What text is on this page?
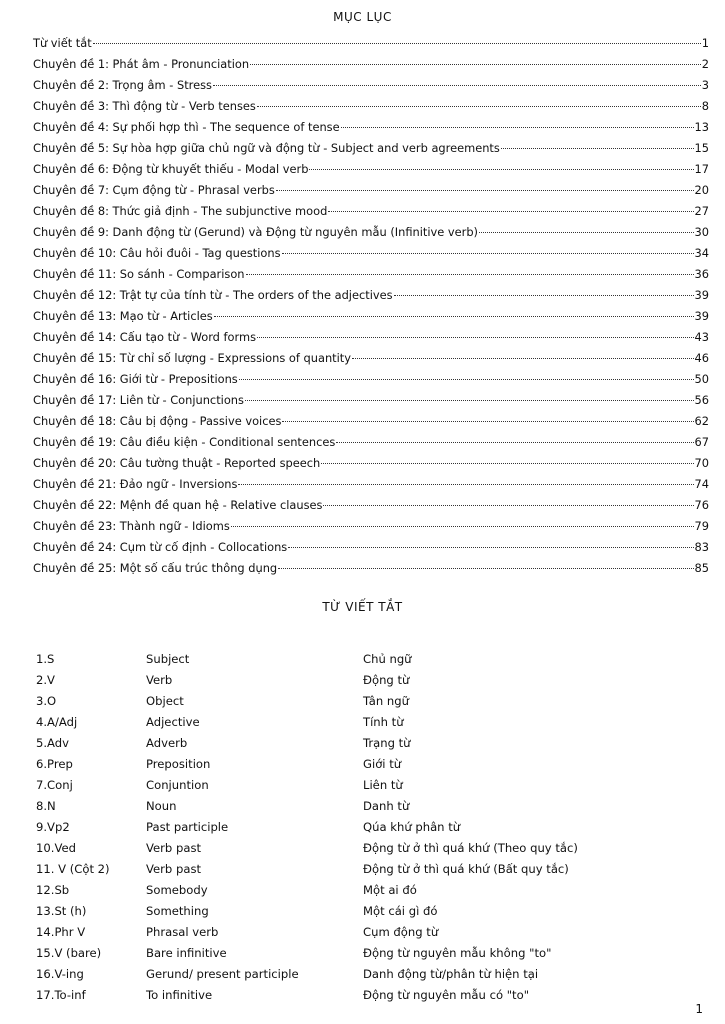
MỤC LỤC
Từ viết tắt	1
Chuyên đề 1: Phát âm - Pronunciation	2
Chuyên đề 2: Trọng âm - Stress	3
Chuyên đề 3: Thì động từ - Verb tenses	8
Chuyên đề 4: Sự phối hợp thì - The sequence of tense	13
Chuyên đề 5: Sự hòa hợp giữa chủ ngữ và động từ - Subject and verb agreements	15
Chuyên đề 6: Động từ khuyết thiếu - Modal verb	17
Chuyên đề 7: Cụm động từ - Phrasal verbs	20
Chuyên đề 8: Thức giả định - The subjunctive mood	27
Chuyên đề 9: Danh động từ (Gerund) và Động từ nguyên mẫu (Infinitive verb)	30
Chuyên đề 10: Câu hỏi đuôi - Tag questions	34
Chuyên đề 11: So sánh - Comparison	36
Chuyên đề 12: Trật tự của tính từ - The orders of the adjectives	39
Chuyên đề 13: Mạo từ - Articles	39
Chuyên đề 14: Cấu tạo từ - Word forms	43
Chuyên đề 15: Từ chỉ số lượng - Expressions of quantity	46
Chuyên đề 16: Giới từ - Prepositions	50
Chuyên đề 17: Liên từ - Conjunctions	56
Chuyên đề 18: Câu bị động - Passive voices	62
Chuyên đề 19: Câu điều kiện - Conditional sentences	67
Chuyên đề 20: Câu tường thuật - Reported speech	70
Chuyên đề 21: Đảo ngữ - Inversions	74
Chuyên đề 22: Mệnh đề quan hệ - Relative clauses	76
Chuyên đề 23: Thành ngữ - Idioms	79
Chuyên đề 24: Cụm từ cố định - Collocations	83
Chuyên đề 25: Một số cấu trúc thông dụng	85
TỪ VIẾT TẮT
1.S	Subject	Chủ ngữ
2.V	Verb	Động từ
3.O	Object	Tân ngữ
4.A/Adj	Adjective	Tính từ
5.Adv	Adverb	Trạng từ
6.Prep	Preposition	Giới từ
7.Conj	Conjuntion	Liên từ
8.N	Noun	Danh từ
9.Vp2	Past participle	Qúa khứ phân từ
10.Ved	Verb past	Động từ ở thì quá khứ (Theo quy tắc)
11. V (Cột 2)	Verb past	Động từ ở thì quá khứ (Bất quy tắc)
12.Sb	Somebody	Một ai đó
13.St (h)	Something	Một cái gì đó
14.Phr V	Phrasal verb	Cụm động từ
15.V (bare)	Bare infinitive	Động từ nguyên mẫu không "to"
16.V-ing	Gerund/ present participle	Danh động từ/phân từ hiện tại
17.To-inf	To infinitive	Động từ nguyên mẫu có "to"
1
